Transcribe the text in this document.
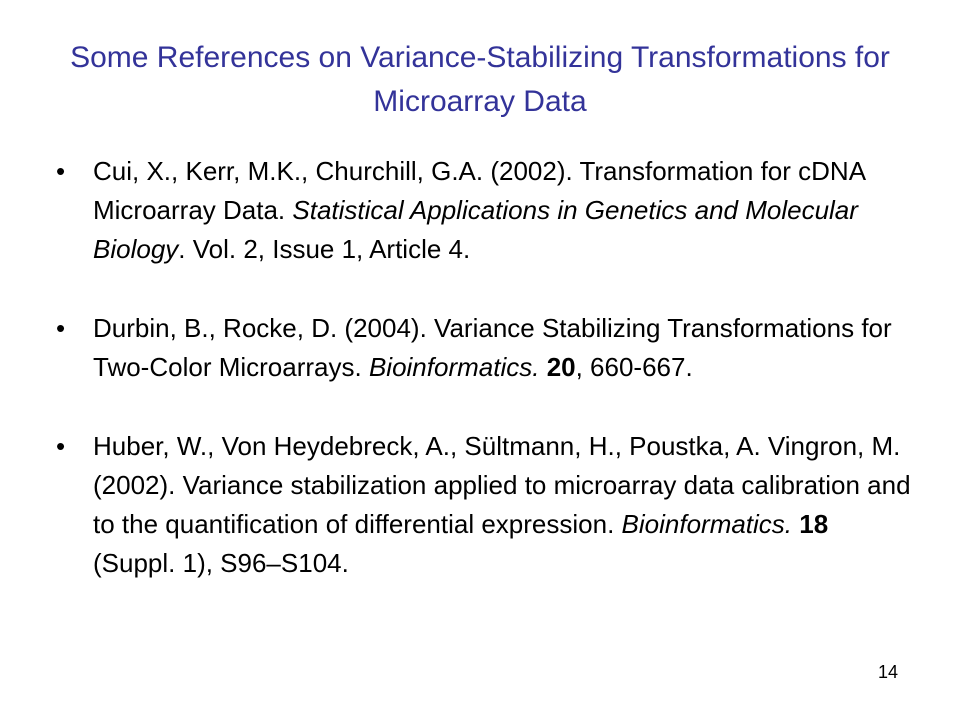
Some References on Variance-Stabilizing Transformations for Microarray Data
•	Cui, X., Kerr, M.K., Churchill, G.A. (2002). Transformation for cDNA Microarray Data. Statistical Applications in Genetics and Molecular Biology. Vol. 2, Issue 1, Article 4.
•	Durbin, B., Rocke, D. (2004). Variance Stabilizing Transformations for Two-Color Microarrays. Bioinformatics. 20, 660-667.
•	Huber, W., Von Heydebreck, A., Sültmann, H., Poustka, A. Vingron, M. (2002). Variance stabilization applied to microarray data calibration and to the quantification of differential expression. Bioinformatics. 18 (Suppl. 1), S96–S104.
14
